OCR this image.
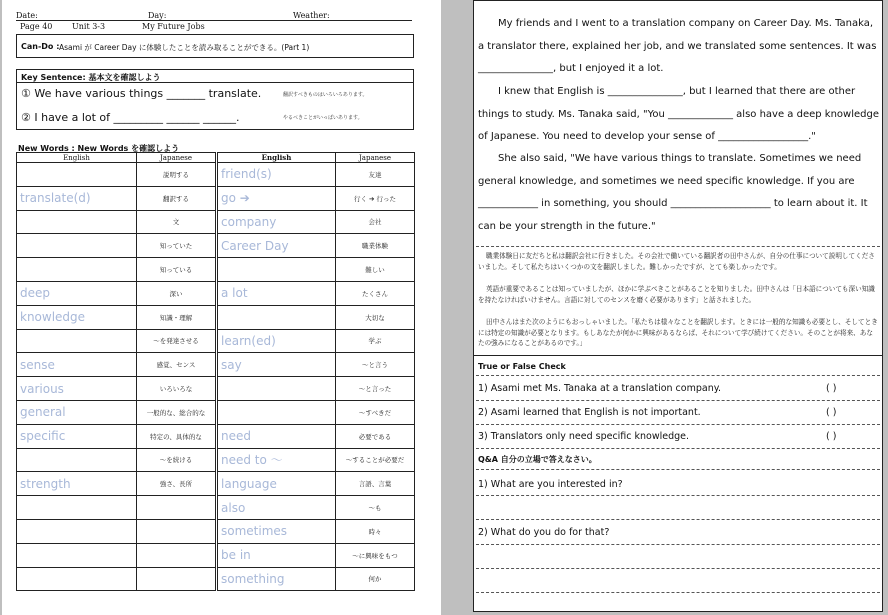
Date:	Day:	Weather:
Page 40 Unit 3-3	My Future Jobs
Can-Do : Asami が Career Day に体験したことを読み取ることができる。(Part 1)
Key Sentence: 基本文を確認しよう
① We have various things _______ translate.	翻訳すべきものはいろいろあります。
② I have a lot of _________ ______ ______.	やるべきことがいっぱいあります。
New Words : New Words を確認しよう
English	Japanese
	説明する
translate(d)	翻訳する
	文
	知っていた
	知っている
deep	深い
knowledge	知識・理解
	～を発達させる
sense	感覚、センス
various	いろいろな
general	一般的な、総合的な
specific	特定の、具体的な
	～を続ける
strength	強さ、長所

English	Japanese
friend(s)	友達
go ➔	行く ➔ 行った
company	会社
Career Day	職業体験
	難しい
a lot	たくさん
	大切な
learn(ed)	学ぶ
say	～と言う
	～と言った
	～すべきだ
need	必要である
need to ～	～することが必要だ
language	言語、言葉
also	～も
sometimes	時々
be in	～に興味をもつ
something	何か
My friends and I went to a translation company on Career Day. Ms. Tanaka, a translator there, explained her job, and we translated some sentences. It was _______________, but I enjoyed it a lot.
I knew that English is _______________, but I learned that there are other things to study. Ms. Tanaka said, "You _____________ also have a deep knowledge of Japanese. You need to develop your sense of __________________."
She also said, "We have various things to translate. Sometimes we need general knowledge, and sometimes we need specific knowledge. If you are ____________ in something, you should ____________________ to learn about it. It can be your strength in the future."
職業体験日に友だちと私は翻訳会社に行きました。その会社で働いている翻訳者の田中さんが、自分の仕事について説明してくださいました。そして私たちはいくつかの文を翻訳しました。難しかったですが、とても楽しかったです。
英語が重要であることは知っていましたが、ほかに学ぶべきことがあることを知りました。田中さんは「日本語についても深い知識を持たなければいけません。言語に対してのセンスを磨く必要があります」と話されました。
田中さんはまた次のようにもおっしゃいました。「私たちは様々なことを翻訳します。ときには一般的な知識も必要とし、そしてときには特定の知識が必要となります。もしあなたが何かに興味があるならば、それについて学び続けてください。そのことが将来、あなたの強みになることがあるのです。」
True or False Check
1) Asami met Ms. Tanaka at a translation company.	( )
2) Asami learned that English is not important.	( )
3) Translators only need specific knowledge.	( )
Q&A 自分の立場で答えなさい。
1) What are you interested in?
2) What do you do for that?
